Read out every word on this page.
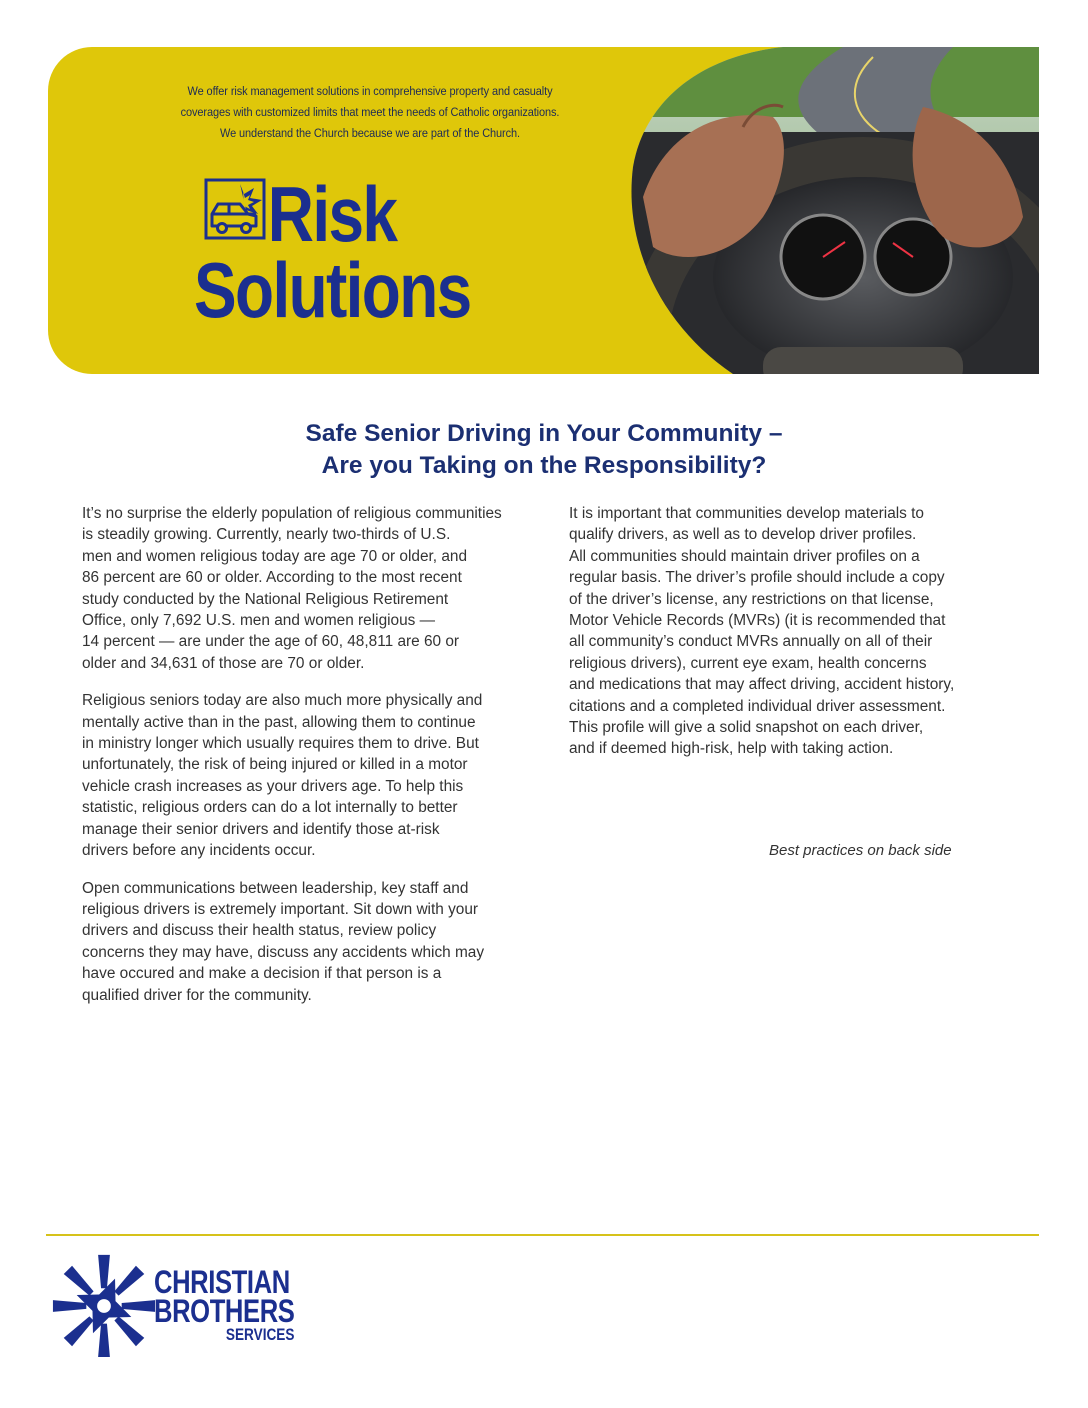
We offer risk management solutions in comprehensive property and casualty
coverages with customized limits that meet the needs of Catholic organizations.
We understand the Church because we are part of the Church.
Risk
Solutions
Safe Senior Driving in Your Community –
Are you Taking on the Responsibility?

It’s no surprise the elderly population of religious communities
is steadily growing. Currently, nearly two-thirds of U.S.
men and women religious today are age 70 or older, and
86 percent are 60 or older. According to the most recent
study conducted by the National Religious Retirement
Office, only 7,692 U.S. men and women religious —
14 percent — are under the age of 60, 48,811 are 60 or
older and 34,631 of those are 70 or older.

Religious seniors today are also much more physically and
mentally active than in the past, allowing them to continue
in ministry longer which usually requires them to drive. But
unfortunately, the risk of being injured or killed in a motor
vehicle crash increases as your drivers age. To help this
statistic, religious orders can do a lot internally to better
manage their senior drivers and identify those at-risk
drivers before any incidents occur.

Open communications between leadership, key staff and
religious drivers is extremely important. Sit down with your
drivers and discuss their health status, review policy
concerns they may have, discuss any accidents which may
have occured and make a decision if that person is a
qualified driver for the community.

It is important that communities develop materials to
qualify drivers, as well as to develop driver profiles.
All communities should maintain driver profiles on a
regular basis. The driver’s profile should include a copy
of the driver’s license, any restrictions on that license,
Motor Vehicle Records (MVRs) (it is recommended that
all community’s conduct MVRs annually on all of their
religious drivers), current eye exam, health concerns
and medications that may affect driving, accident history,
citations and a completed individual driver assessment.
This profile will give a solid snapshot on each driver,
and if deemed high-risk, help with taking action.

Best practices on back side
CHRISTIAN
BROTHERS
SERVICES
